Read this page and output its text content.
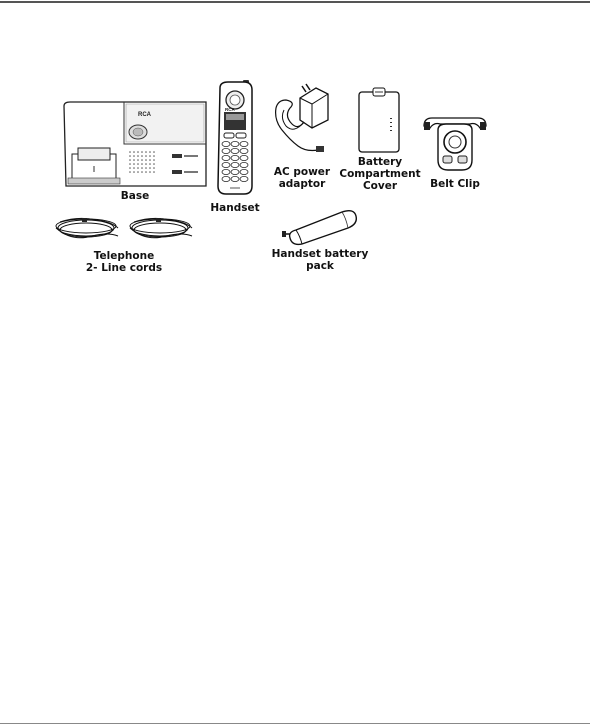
RCA
Base
RCA
Handset
AC power
adaptor
Battery
Compartment
Cover	Belt Clip
Telephone
2- Line cords
Handset battery
pack
